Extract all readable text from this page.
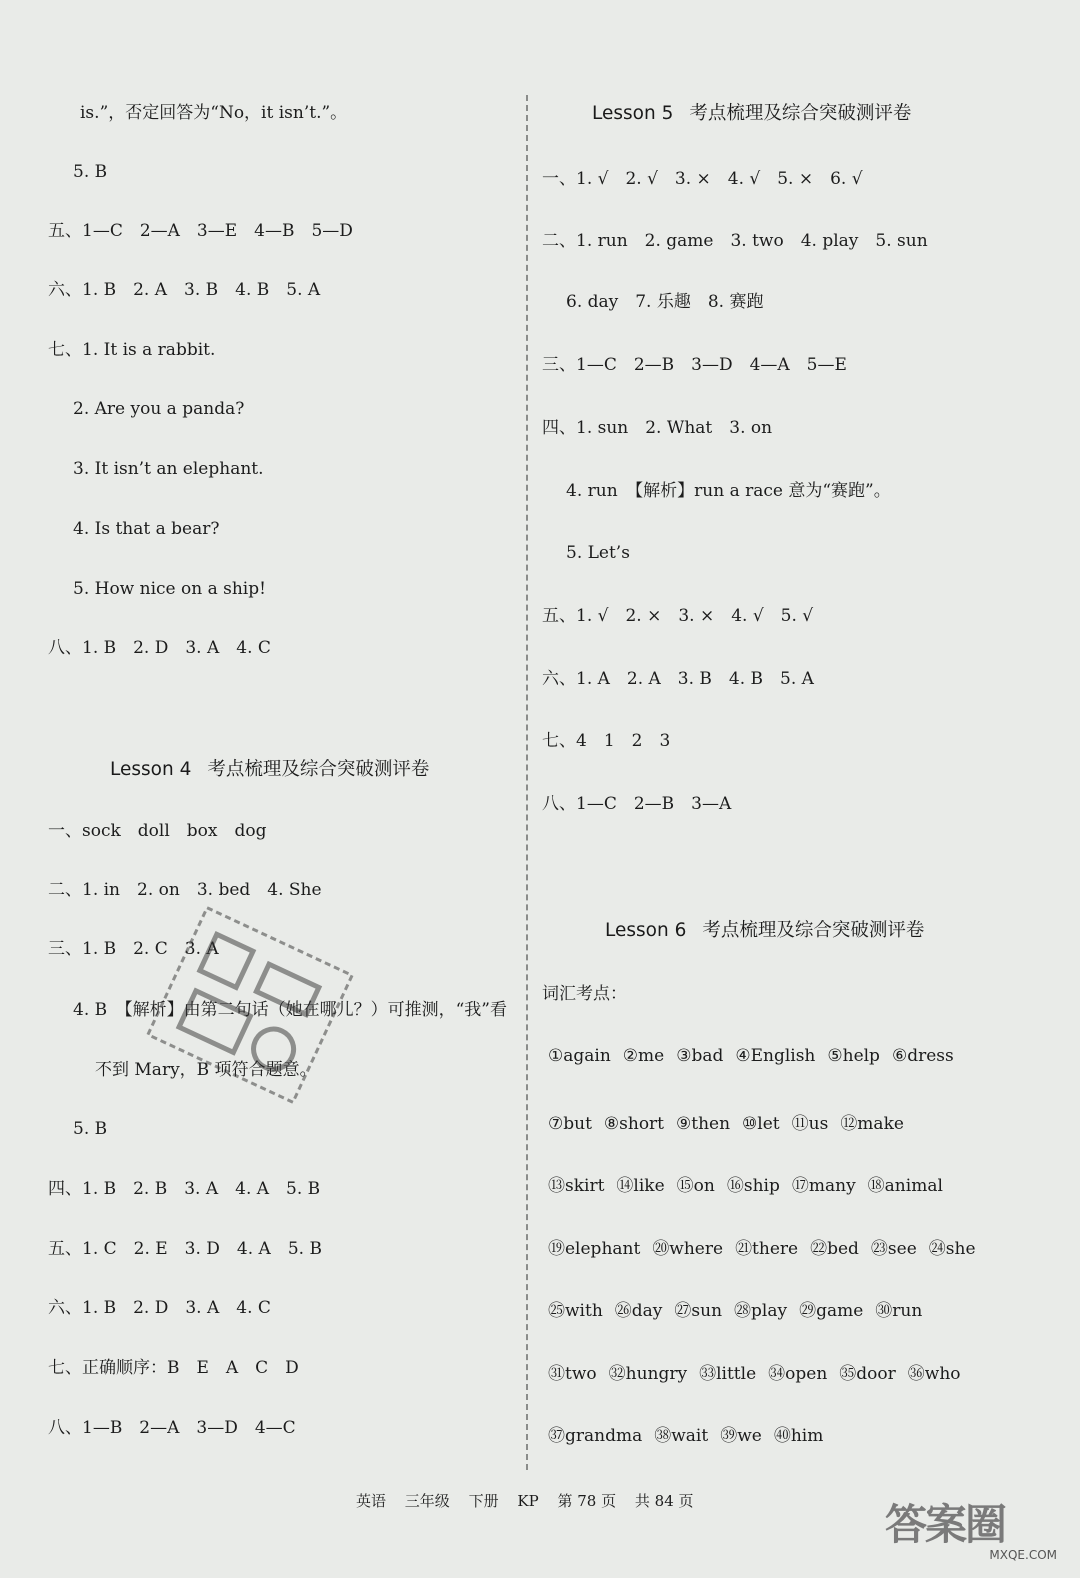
is.”，否定回答为“No，it isn’t.”。
5. B
五、1—C　2—A　3—E　4—B　5—D
六、1. B　2. A　3. B　4. B　5. A
七、1. It is a rabbit.
2. Are you a panda?
3. It isn’t an elephant.
4. Is that a bear?
5. How nice on a ship!
八、1. B　2. D　3. A　4. C
Lesson 4 考点梳理及综合突破测评卷
一、sock　doll　box　dog
二、1. in　2. on　3. bed　4. She
三、1. B　2. C　3. A
4. B　【解析】由第二句话（她在哪儿？）可推测，“我”看
不到 Mary，B 项符合题意。
5. B
四、1. B　2. B　3. A　4. A　5. B
五、1. C　2. E　3. D　4. A　5. B
六、1. B　2. D　3. A　4. C
七、正确顺序：B　E　A　C　D
八、1—B　2—A　3—D　4—C
Lesson 5 考点梳理及综合突破测评卷
一、1. √　2. √　3. ×　4. √　5. ×　6. √
二、1. run　2. game　3. two　4. play　5. sun
6. day　7. 乐趣　8. 赛跑
三、1—C　2—B　3—D　4—A　5—E
四、1. sun　2. What　3. on
4. run　【解析】run a race 意为“赛跑”。
5. Let’s
五、1. √　2. ×　3. ×　4. √　5. √
六、1. A　2. A　3. B　4. B　5. A
七、4　1　2　3
八、1—C　2—B　3—A
Lesson 6 考点梳理及综合突破测评卷
词汇考点：
①again ②me ③bad ④English ⑤help ⑥dress
⑦but ⑧short ⑨then ⑩let ⑪us ⑫make
⑬skirt ⑭like ⑮on ⑯ship ⑰many ⑱animal
⑲elephant ⑳where ㉑there ㉒bed ㉓see ㉔she
㉕with ㉖day ㉗sun ㉘play ㉙game ㉚run
㉛two ㉜hungry ㉝little ㉞open ㉟door ㊱who
㊲grandma ㊳wait ㊴we ㊵him
英语 三年级 下册 KP 第 78 页 共 84 页	答案圈
MXQE.COM
